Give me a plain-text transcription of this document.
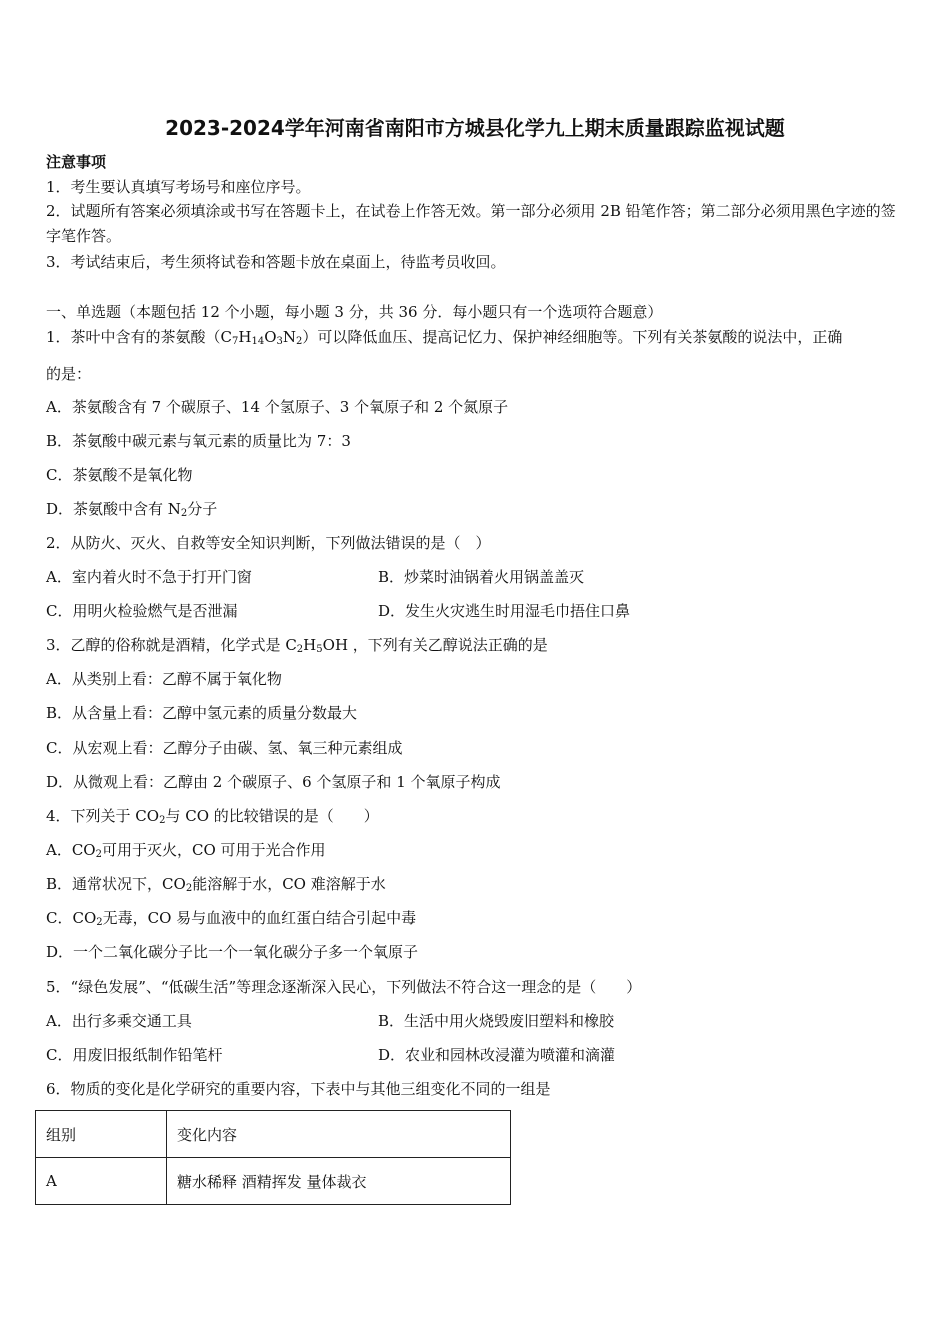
2023-2024学年河南省南阳市方城县化学九上期末质量跟踪监视试题
注意事项
1．考生要认真填写考场号和座位序号。
2．试题所有答案必须填涂或书写在答题卡上，在试卷上作答无效。第一部分必须用 2B 铅笔作答；第二部分必须用黑色字迹的签字笔作答。
3．考试结束后，考生须将试卷和答题卡放在桌面上，待监考员收回。
一、单选题（本题包括 12 个小题，每小题 3 分，共 36 分．每小题只有一个选项符合题意）
1．茶叶中含有的茶氨酸$(C_7H_{14}O_3N_2)$可以降低血压、提高记忆力、保护神经细胞等。下列有关茶氨酸的说法中，正确
的是：
A．茶氨酸含有 7 个碳原子、14 个氢原子、3 个氧原子和 2 个氮原子
B．茶氨酸中碳元素与氧元素的质量比为 7：3
C．茶氨酸不是氧化物
D．茶氨酸中含有 $N_2$分子
2．从防火、灭火、自救等安全知识判断，下列做法错误的是（　）
A．室内着火时不急于打开门窗	B．炒菜时油锅着火用锅盖盖灭
C．用明火检验燃气是否泄漏	D．发生火灾逃生时用湿毛巾捂住口鼻
3．乙醇的俗称就是酒精，化学式是 $C_2H_5OH$ ，下列有关乙醇说法正确的是
A．从类别上看：乙醇不属于氧化物
B．从含量上看：乙醇中氢元素的质量分数最大
C．从宏观上看：乙醇分子由碳、氢、氧三种元素组成
D．从微观上看：乙醇由 2 个碳原子、6 个氢原子和 1 个氧原子构成
4．下列关于 $CO_2$与 CO 的比较错误的是（　　）
A．$CO_2$可用于灭火，CO 可用于光合作用
B．通常状况下，$CO_2$能溶解于水，CO 难溶解于水
C．$CO_2$无毒，CO 易与血液中的血红蛋白结合引起中毒
D．一个二氧化碳分子比一个一氧化碳分子多一个氧原子
5．“绿色发展”、“低碳生活”等理念逐渐深入民心，下列做法不符合这一理念的是（　　）
A．出行多乘交通工具	B．生活中用火烧毁废旧塑料和橡胶
C．用废旧报纸制作铅笔杆	D．农业和园林改浸灌为喷灌和滴灌
6．物质的变化是化学研究的重要内容，下表中与其他三组变化不同的一组是
组别	变化内容
A	糖水稀释 酒精挥发 量体裁衣
